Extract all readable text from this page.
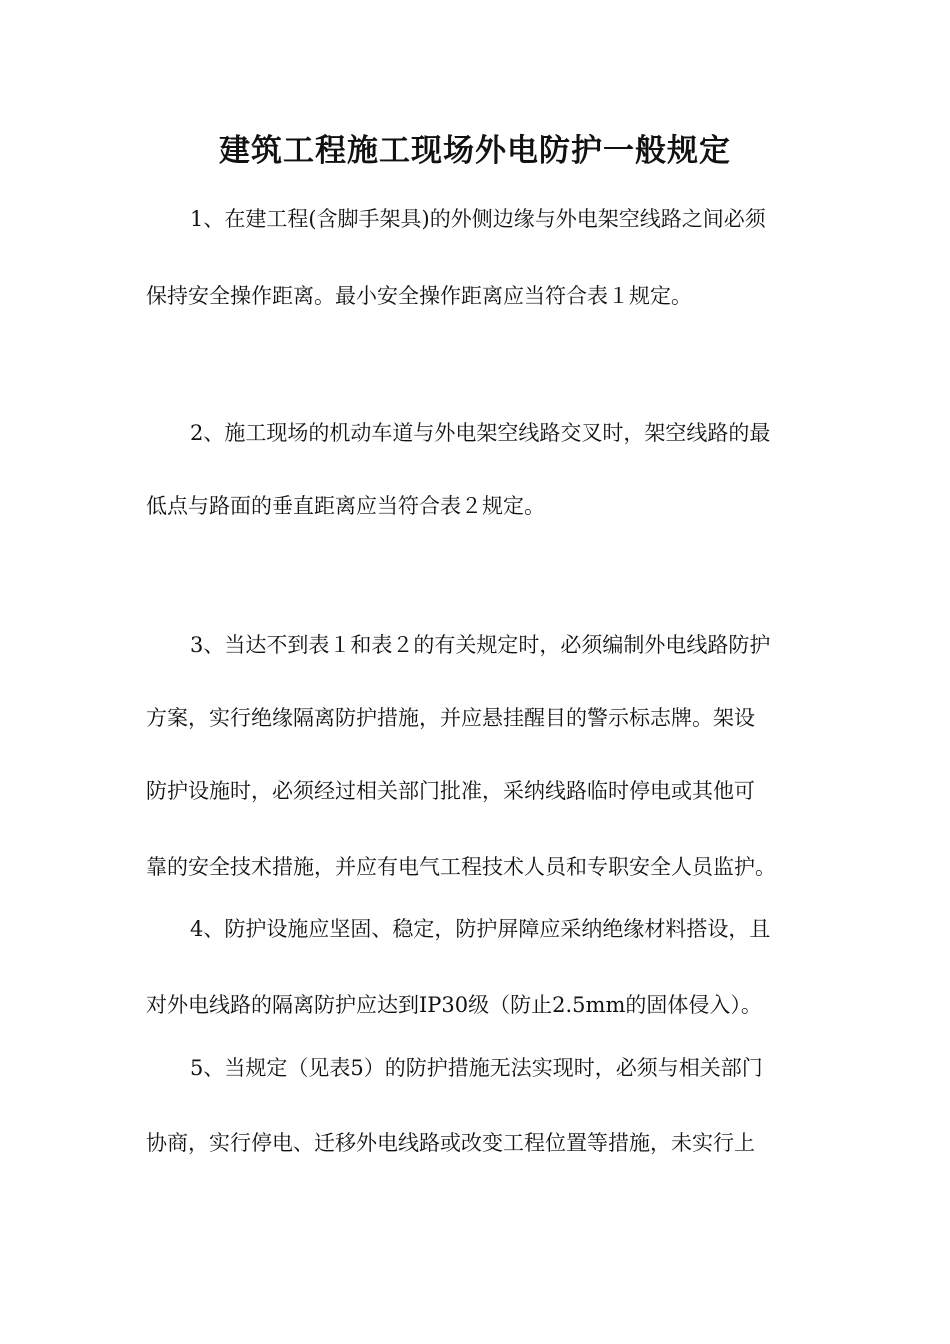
建筑工程施工现场外电防护一般规定
1、在建工程(含脚手架具)的外侧边缘与外电架空线路之间必须
保持安全操作距离。最小安全操作距离应当符合表１规定。
2、施工现场的机动车道与外电架空线路交叉时，架空线路的最
低点与路面的垂直距离应当符合表２规定。
3、当达不到表１和表２的有关规定时，必须编制外电线路防护
方案，实行绝缘隔离防护措施，并应悬挂醒目的警示标志牌。架设
防护设施时，必须经过相关部门批准，采纳线路临时停电或其他可
靠的安全技术措施，并应有电气工程技术人员和专职安全人员监护。
4、防护设施应坚固、稳定，防护屏障应采纳绝缘材料搭设，且
对外电线路的隔离防护应达到IP30级（防止2.5mm的固体侵入）。
5、当规定（见表5）的防护措施无法实现时，必须与相关部门
协商，实行停电、迁移外电线路或改变工程位置等措施，未实行上
